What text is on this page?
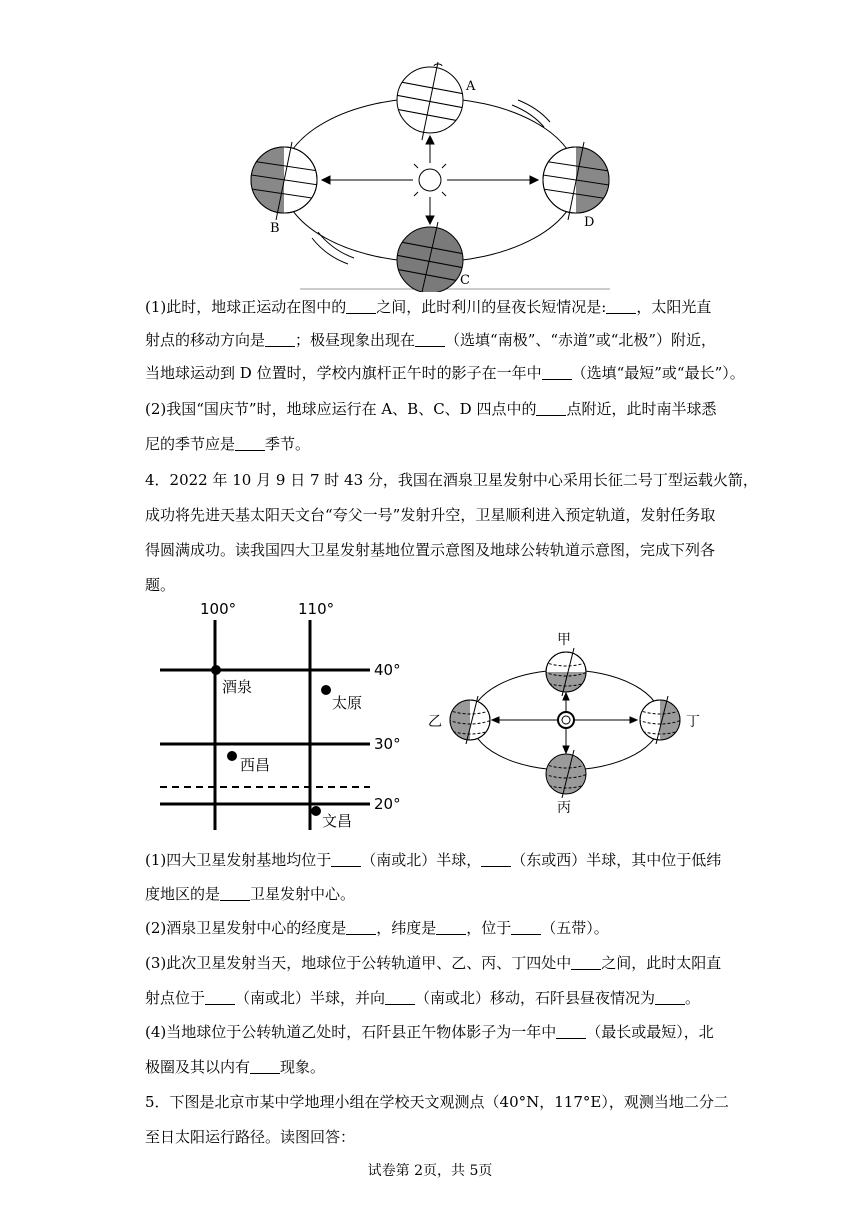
A
B
C
D
(1)此时，地球正运动在图中的 之间，此时利川的昼夜长短情况是: ，太阳光直
射点的移动方向是 ；极昼现象出现在 （选填“南极”、“赤道”或“北极”）附近，
当地球运动到 D 位置时，学校内旗杆正午时的影子在一年中 （选填“最短”或“最长”）。
(2)我国“国庆节”时，地球应运行在 A、B、C、D 四点中的 点附近，此时南半球悉
尼的季节应是 季节。
4．2022 年 10 月 9 日 7 时 43 分，我国在酒泉卫星发射中心采用长征二号丁型运载火箭，
成功将先进天基太阳天文台“夸父一号”发射升空，卫星顺利进入预定轨道，发射任务取
得圆满成功。读我国四大卫星发射基地位置示意图及地球公转轨道示意图，完成下列各
题。
100°	110°
40°
30°
20°
酒泉
太原
西昌
文昌
甲
乙
丙
丁
(1)四大卫星发射基地均位于 （南或北）半球， （东或西）半球，其中位于低纬
度地区的是 卫星发射中心。
(2)酒泉卫星发射中心的经度是 ，纬度是 ，位于 （五带）。
(3)此次卫星发射当天，地球位于公转轨道甲、乙、丙、丁四处中 之间，此时太阳直
射点位于 （南或北）半球，并向 （南或北）移动，石阡县昼夜情况为 。
(4)当地球位于公转轨道乙处时，石阡县正午物体影子为一年中 （最长或最短），北
极圈及其以内有 现象。
5．下图是北京市某中学地理小组在学校天文观测点（40°N，117°E），观测当地二分二
至日太阳运行路径。读图回答：
试卷第 2页，共 5页
